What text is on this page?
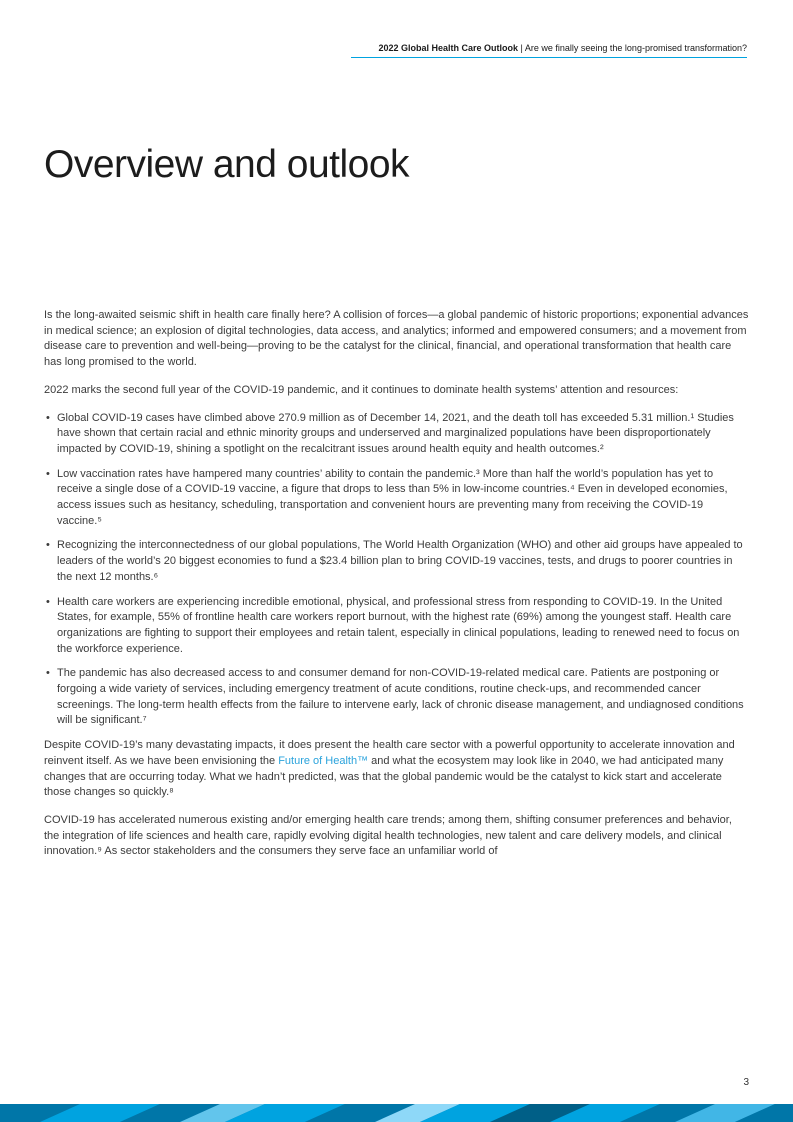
2022 Global Health Care Outlook | Are we finally seeing the long-promised transformation?
Overview and outlook

Is the long-awaited seismic shift in health care finally here? A collision of forces—a global pandemic of historic proportions; exponential advances in medical science; an explosion of digital technologies, data access, and analytics; informed and empowered consumers; and a movement from disease care to prevention and well-being—proving to be the catalyst for the clinical, financial, and operational transformation that health care has long promised to the world.

2022 marks the second full year of the COVID-19 pandemic, and it continues to dominate health systems’ attention and resources:

• Global COVID-19 cases have climbed above 270.9 million as of December 14, 2021, and the death toll has exceeded 5.31 million.¹ Studies have shown that certain racial and ethnic minority groups and underserved and marginalized populations have been disproportionately impacted by COVID-19, shining a spotlight on the recalcitrant issues around health equity and health outcomes.²
• Low vaccination rates have hampered many countries’ ability to contain the pandemic.³ More than half the world’s population has yet to receive a single dose of a COVID-19 vaccine, a figure that drops to less than 5% in low-income countries.⁴ Even in developed economies, access issues such as hesitancy, scheduling, transportation and convenient hours are preventing many from receiving the COVID-19 vaccine.⁵
• Recognizing the interconnectedness of our global populations, The World Health Organization (WHO) and other aid groups have appealed to leaders of the world’s 20 biggest economies to fund a $23.4 billion plan to bring COVID-19 vaccines, tests, and drugs to poorer countries in the next 12 months.⁶
• Health care workers are experiencing incredible emotional, physical, and professional stress from responding to COVID-19. In the United States, for example, 55% of frontline health care workers report burnout, with the highest rate (69%) among the youngest staff. Health care organizations are fighting to support their employees and retain talent, especially in clinical populations, leading to renewed need to focus on the workforce experience.
• The pandemic has also decreased access to and consumer demand for non-COVID-19-related medical care. Patients are postponing or forgoing a wide variety of services, including emergency treatment of acute conditions, routine check-ups, and recommended cancer screenings. The long-term health effects from the failure to intervene early, lack of chronic disease management, and undiagnosed conditions will be significant.⁷

Despite COVID-19’s many devastating impacts, it does present the health care sector with a powerful opportunity to accelerate innovation and reinvent itself. As we have been envisioning the Future of Health™ and what the ecosystem may look like in 2040, we had anticipated many changes that are occurring today. What we hadn’t predicted, was that the global pandemic would be the catalyst to kick start and accelerate those changes so quickly.⁸

COVID-19 has accelerated numerous existing and/or emerging health care trends; among them, shifting consumer preferences and behavior, the integration of life sciences and health care, rapidly evolving digital health technologies, new talent and care delivery models, and clinical innovation.⁹ As sector stakeholders and the consumers they serve face an unfamiliar world of

3
